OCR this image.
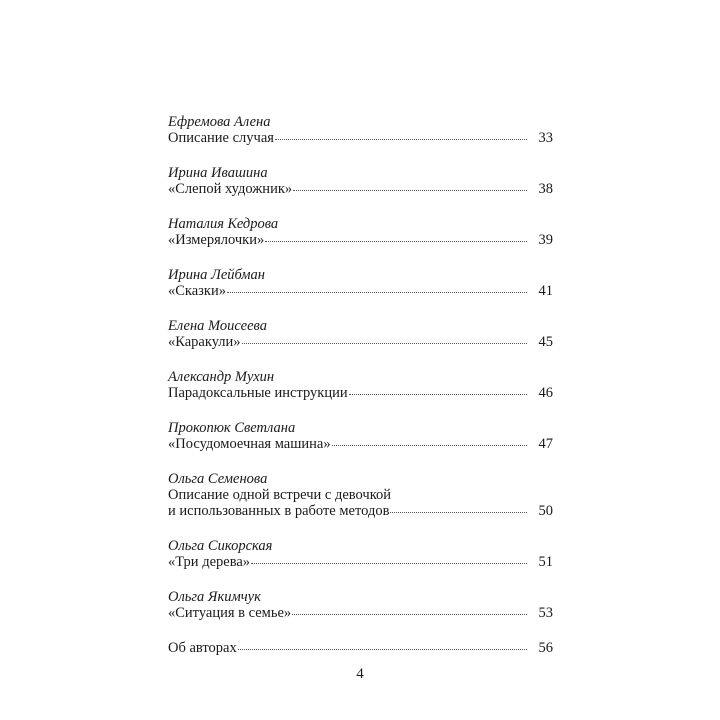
Ефремова Алена
Описание случая	33
Ирина Ивашина
«Слепой художник»	38
Наталия Кедрова
«Измерялочки»	39
Ирина Лейбман
«Сказки»	41
Елена Моисеева
«Каракули»	45
Александр Мухин
Парадоксальные инструкции	46
Прокопюк Светлана
«Посудомоечная машина»	47
Ольга Семенова
Описание одной встречи с девочкой
и использованных в работе методов	50
Ольга Сикорская
«Три дерева»	51
Ольга Якимчук
«Ситуация в семье»	53
Об авторах	56
4
